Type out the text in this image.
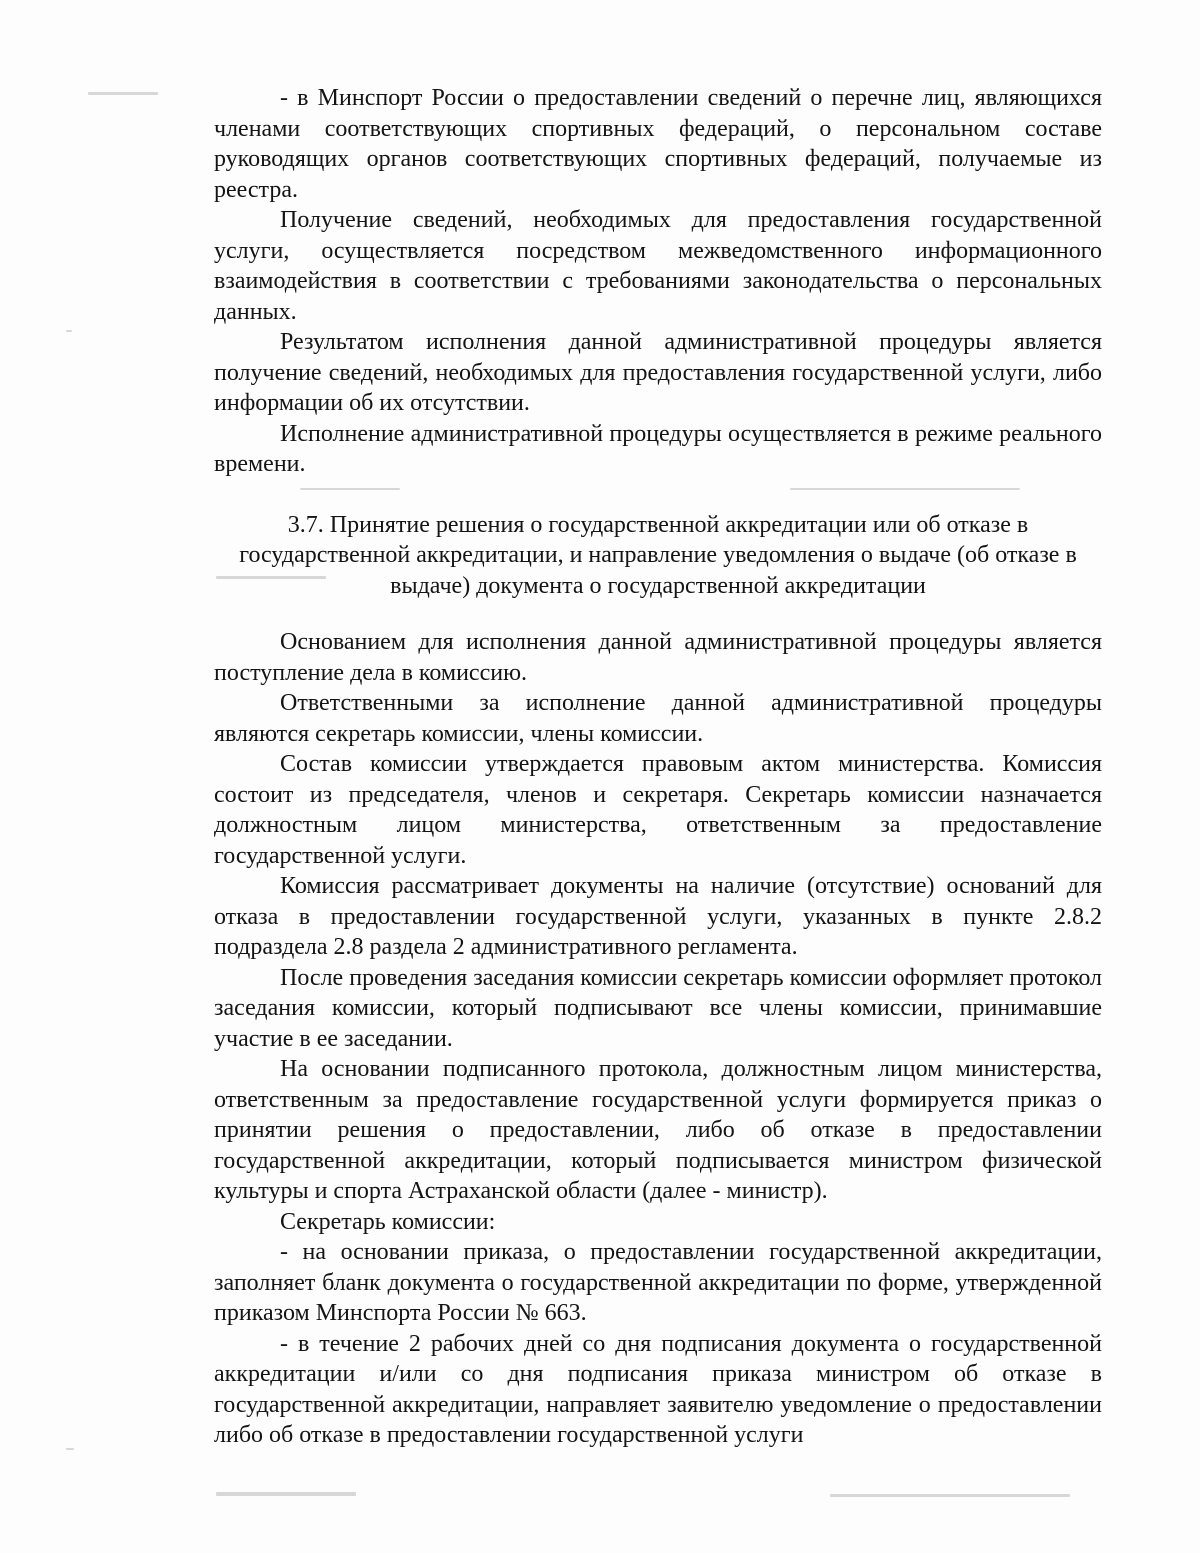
- в Минспорт России о предоставлении сведений о перечне лиц, являющихся членами соответствующих спортивных федераций, о персональном составе руководящих органов соответствующих спортивных федераций, получаемые из реестра.

Получение сведений, необходимых для предоставления государственной услуги, осуществляется посредством межведомственного информационного взаимодействия в соответствии с требованиями законодательства о персональных данных.

Результатом исполнения данной административной процедуры является получение сведений, необходимых для предоставления государственной услуги, либо информации об их отсутствии.

Исполнение административной процедуры осуществляется в режиме реального времени.

3.7. Принятие решения о государственной аккредитации или об отказе в государственной аккредитации, и направление уведомления о выдаче (об отказе в выдаче) документа о государственной аккредитации

Основанием для исполнения данной административной процедуры является поступление дела в комиссию.

Ответственными за исполнение данной административной процедуры являются секретарь комиссии, члены комиссии.

Состав комиссии утверждается правовым актом министерства. Комиссия состоит из председателя, членов и секретаря. Секретарь комиссии назначается должностным лицом министерства, ответственным за предоставление государственной услуги.

Комиссия рассматривает документы на наличие (отсутствие) оснований для отказа в предоставлении государственной услуги, указанных в пункте 2.8.2 подраздела 2.8 раздела 2 административного регламента.

После проведения заседания комиссии секретарь комиссии оформляет протокол заседания комиссии, который подписывают все члены комиссии, принимавшие участие в ее заседании.

На основании подписанного протокола, должностным лицом министерства, ответственным за предоставление государственной услуги формируется приказ о принятии решения о предоставлении, либо об отказе в предоставлении государственной аккредитации, который подписывается министром физической культуры и спорта Астраханской области (далее - министр).

Секретарь комиссии:

- на основании приказа, о предоставлении государственной аккредитации, заполняет бланк документа о государственной аккредитации по форме, утвержденной приказом Минспорта России № 663.

- в течение 2 рабочих дней со дня подписания документа о государственной аккредитации и/или со дня подписания приказа министром об отказе в государственной аккредитации, направляет заявителю уведомление о предоставлении либо об отказе в предоставлении государственной услуги
